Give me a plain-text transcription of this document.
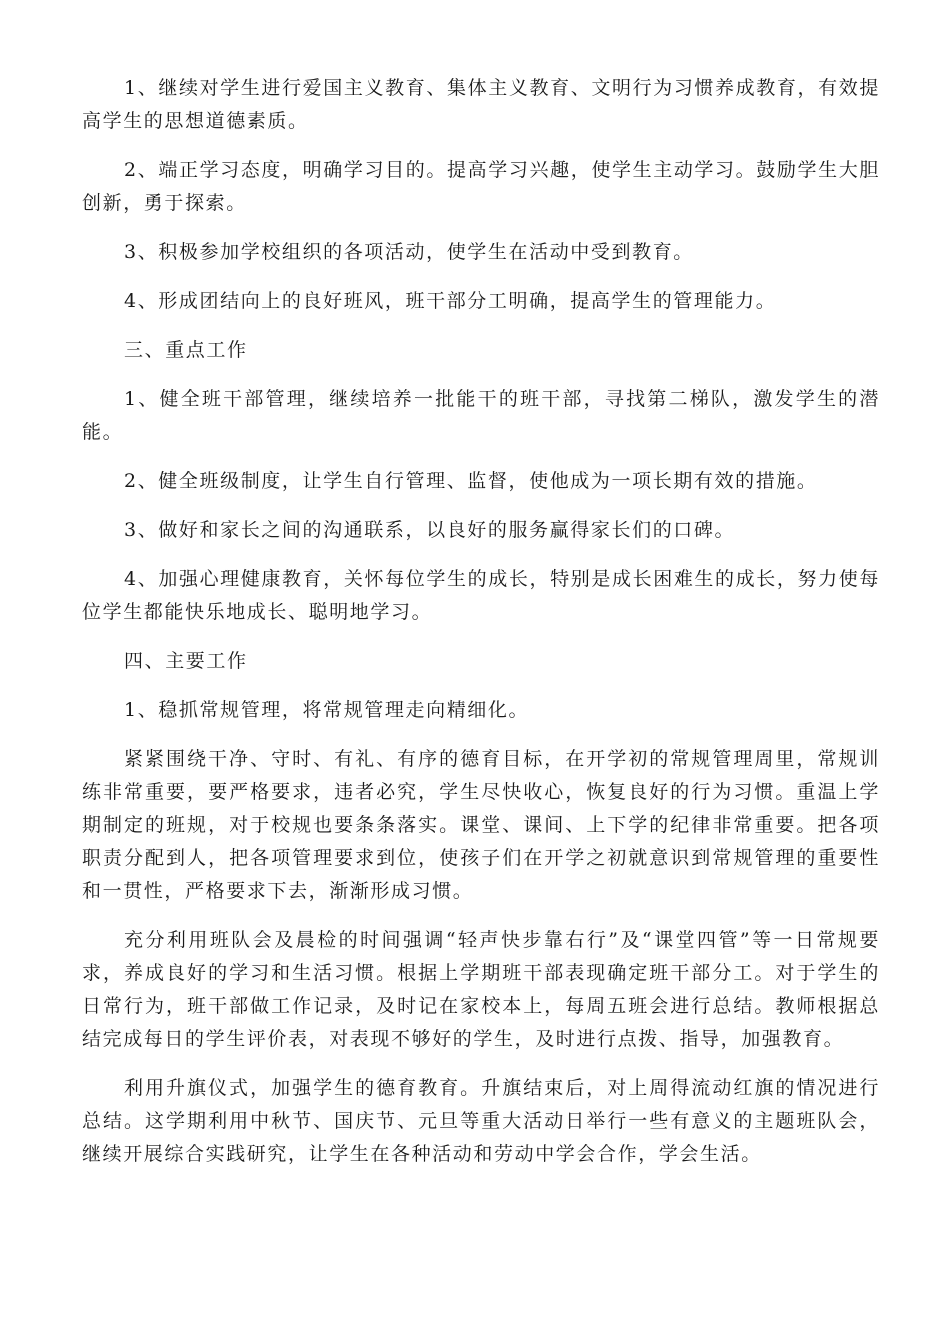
1、继续对学生进行爱国主义教育、集体主义教育、文明行为习惯养成教育，有效提高学生的思想道德素质。

2、端正学习态度，明确学习目的。提高学习兴趣，使学生主动学习。鼓励学生大胆创新，勇于探索。

3、积极参加学校组织的各项活动，使学生在活动中受到教育。

4、形成团结向上的良好班风，班干部分工明确，提高学生的管理能力。

三、重点工作

1、健全班干部管理，继续培养一批能干的班干部，寻找第二梯队，激发学生的潜能。

2、健全班级制度，让学生自行管理、监督，使他成为一项长期有效的措施。

3、做好和家长之间的沟通联系，以良好的服务赢得家长们的口碑。

4、加强心理健康教育，关怀每位学生的成长，特别是成长困难生的成长，努力使每位学生都能快乐地成长、聪明地学习。

四、主要工作

1、稳抓常规管理，将常规管理走向精细化。

紧紧围绕干净、守时、有礼、有序的德育目标，在开学初的常规管理周里，常规训练非常重要，要严格要求，违者必究，学生尽快收心，恢复良好的行为习惯。重温上学期制定的班规，对于校规也要条条落实。课堂、课间、上下学的纪律非常重要。把各项职责分配到人，把各项管理要求到位，使孩子们在开学之初就意识到常规管理的重要性和一贯性，严格要求下去，渐渐形成习惯。

充分利用班队会及晨检的时间强调“轻声快步靠右行”及“课堂四管”等一日常规要求，养成良好的学习和生活习惯。根据上学期班干部表现确定班干部分工。对于学生的日常行为，班干部做工作记录，及时记在家校本上，每周五班会进行总结。教师根据总结完成每日的学生评价表，对表现不够好的学生，及时进行点拨、指导，加强教育。

利用升旗仪式，加强学生的德育教育。升旗结束后，对上周得流动红旗的情况进行总结。这学期利用中秋节、国庆节、元旦等重大活动日举行一些有意义的主题班队会，继续开展综合实践研究，让学生在各种活动和劳动中学会合作，学会生活。
